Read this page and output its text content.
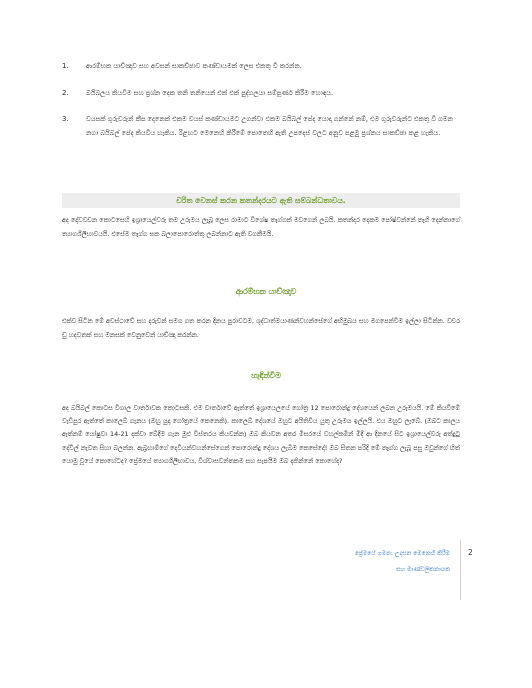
1.	ආරම්භක යාච්ඤාව සහ අවසන් සාකච්ඡාව කණ්ඩායමක් ලෙස එකතු වී කරන්න.
2.	බයිබලය කියවීම සහ ප්‍රශ්න දෙක තනි තනියෙන් එක් එක් පුද්ගලයා සම්පූර්ණ කිරීම හොඳය.
3.	වයසක් ගුරුවරුන් කීප දෙනෙක් එකම වයස් කණ්ඩායමට උගන්වා එකම බයිබල් පේද යොදා ගන්නේ නම්, එම ගුරුවරුන්ට එකතු වී ගමන නගා බයිබල් පේද කියවිය හැකිය. රිළඟට මෙනෙහි කිරීමේ පොතෙහි ඇති උපදෙස් වලට අනුව පළමු ප්‍රශ්නය සාකච්ඡා කළ හැකිය.
චරිත වෙනස් කරන කතන්දරයට ඇති සම්බන්ධතාවය.
අද දේවවචන කොටසෙහි ඉශ්‍රායෙල්වරු තම උරුමය ලැබූ ලෙස රාමාට විශේෂ තෑග්ගක් මවගෙන් ලබයි. කතන්දර දෙකම පෝෂ්වන්නේ තෑගි දෙන්නාගේ ත්‍යාගශීලීභාවයයි. එසේම තෑග්ග ඝක බලාපොරොත්තු ලබන්නාට ඇති වගකීමයි.
ආරම්භක යාච්ඤාව
එක්ව සිටින මේ අවස්ථාවේ සහ දරුවන් සමග ගත කරන දිනය පුරාවටම, ශුද්ධාත්මයාණන්වහන්සේගේ අභිමුඛය සහ මගපෙන්වීම ඉල්ලා සිටින්න. වචර ඩු හදවතක් සහ මනසක් වෙනුවෙන් යාච්ඤා කරන්න.
හැඳින්වීම
අද බයිබල් කොටස විශාල වාර්තාවක කොටසකි. එම වාර්තාවේ ඇත්තේ ඉශ්‍රායෙලයේ ගෝත්‍ර 12 පොරොන්දු දේශයෙන් ලබන උරුමයයි. මේ කියවීමේ වැඩිපුර ඇත්තේ කාලෙබ් ගැනය (ඔහු යුදා ගෝත්‍රයේ කෙනෙකි). කාලෙබ් දේශයේ ඔහුට අයිතිවිය යුතු උරුමය ඉල්ලයි. එය ඔහුට ලැබේ. (ඔබට කාලය ඇත්නම් යෝෂුවා 14-21 දක්වා බේදීම ගැන මුළු විස්තරය කියවන්න) ඔබ කියවන අතර මීසරයේ වහල්කමින් මිදී ආ දිනයේ සිට ඉශ්‍රායෙල්වරු අත්දුටු දේවිල් නැවත සිහා බලන්න. ඇබ්‍රහාම්ගේ දෙවියන්වහන්සේගෙන් පොරොන්දු දේශය ලැබීම කෙසේදෝ! ඔබ සිතන පරිදි මේ තෑග්ග ලැබූ පසු ඔවුන්ගේ හිත් යොමු වූයේ කොහේටද? ප්‍රේමයේ ත්‍යාගශීලීභාවය, විශ්වාසවන්තකම සහ සැපයීම ඔබ දකින්නේ කොහේද?
ප්‍රේමයේ ගමන: උදාසන මෙනෙහි කිරීම
සහ මාණ්ඩලිකනායක
2
